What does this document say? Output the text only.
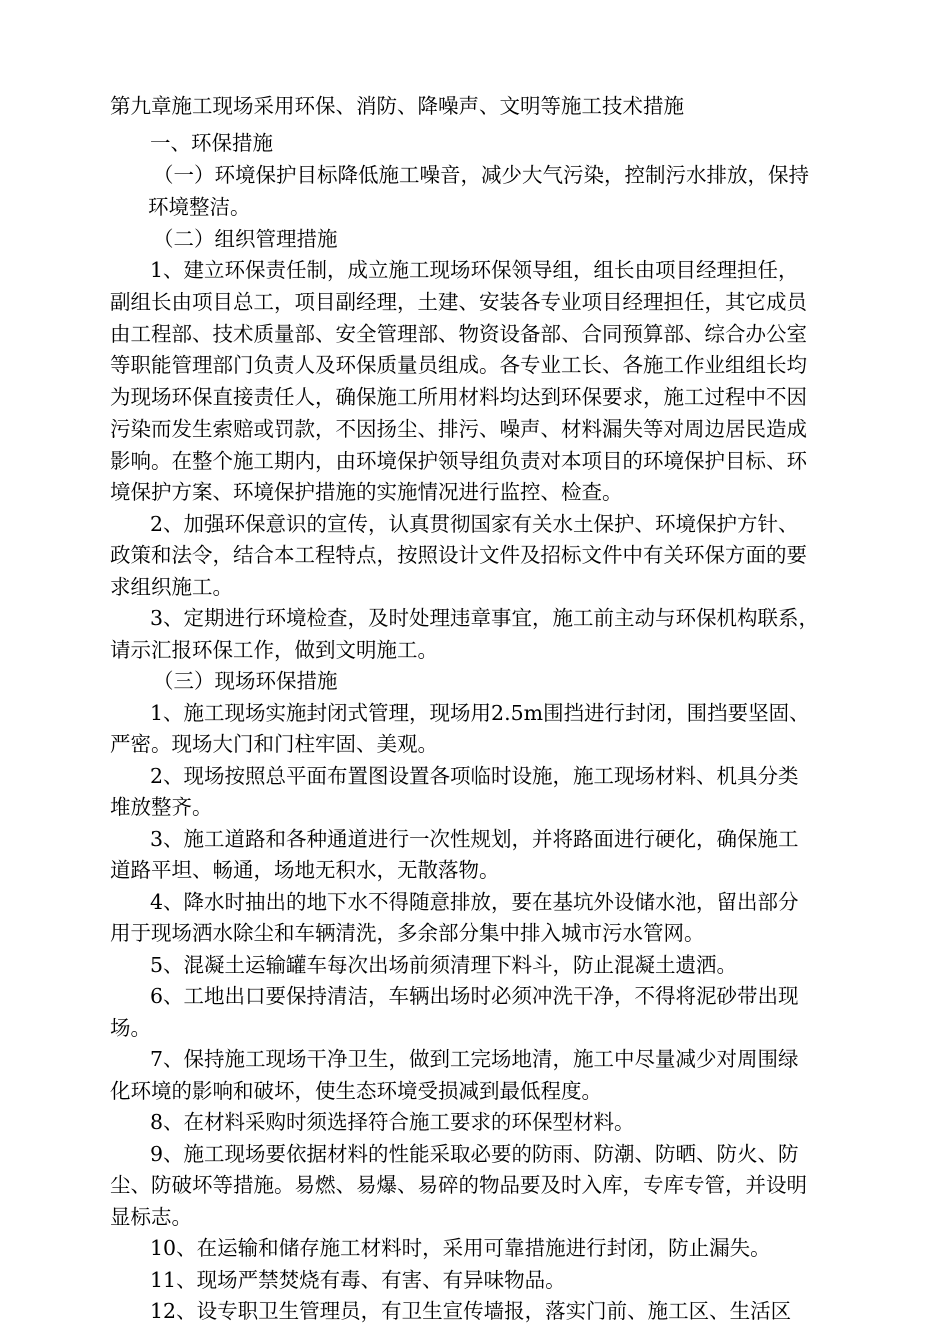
第九章施工现场采用环保、消防、降噪声、文明等施工技术措施
一、环保措施
（一）环境保护目标降低施工噪音，减少大气污染，控制污水排放，保持
环境整洁。
（二）组织管理措施
1、建立环保责任制，成立施工现场环保领导组，组长由项目经理担任，
副组长由项目总工，项目副经理，土建、安装各专业项目经理担任，其它成员
由工程部、技术质量部、安全管理部、物资设备部、合同预算部、综合办公室
等职能管理部门负责人及环保质量员组成。各专业工长、各施工作业组组长均
为现场环保直接责任人，确保施工所用材料均达到环保要求，施工过程中不因
污染而发生索赔或罚款，不因扬尘、排污、噪声、材料漏失等对周边居民造成
影响。在整个施工期内，由环境保护领导组负责对本项目的环境保护目标、环
境保护方案、环境保护措施的实施情况进行监控、检查。
2、加强环保意识的宣传，认真贯彻国家有关水土保护、环境保护方针、
政策和法令，结合本工程特点，按照设计文件及招标文件中有关环保方面的要
求组织施工。
3、定期进行环境检查，及时处理违章事宜，施工前主动与环保机构联系，
请示汇报环保工作，做到文明施工。
（三）现场环保措施
1、施工现场实施封闭式管理，现场用2.5m围挡进行封闭，围挡要坚固、
严密。现场大门和门柱牢固、美观。
2、现场按照总平面布置图设置各项临时设施，施工现场材料、机具分类
堆放整齐。
3、施工道路和各种通道进行一次性规划，并将路面进行硬化，确保施工
道路平坦、畅通，场地无积水，无散落物。
4、降水时抽出的地下水不得随意排放，要在基坑外设储水池，留出部分
用于现场洒水除尘和车辆清洗，多余部分集中排入城市污水管网。
5、混凝土运输罐车每次出场前须清理下料斗，防止混凝土遗洒。
6、工地出口要保持清洁，车辆出场时必须冲洗干净，不得将泥砂带出现
场。
7、保持施工现场干净卫生，做到工完场地清，施工中尽量减少对周围绿
化环境的影响和破坏，使生态环境受损减到最低程度。
8、在材料采购时须选择符合施工要求的环保型材料。
9、施工现场要依据材料的性能采取必要的防雨、防潮、防晒、防火、防
尘、防破坏等措施。易燃、易爆、易碎的物品要及时入库，专库专管，并设明
显标志。
10、在运输和储存施工材料时，采用可靠措施进行封闭，防止漏失。
11、现场严禁焚烧有毒、有害、有异味物品。
12、设专职卫生管理员，有卫生宣传墙报，落实门前、施工区、生活区
